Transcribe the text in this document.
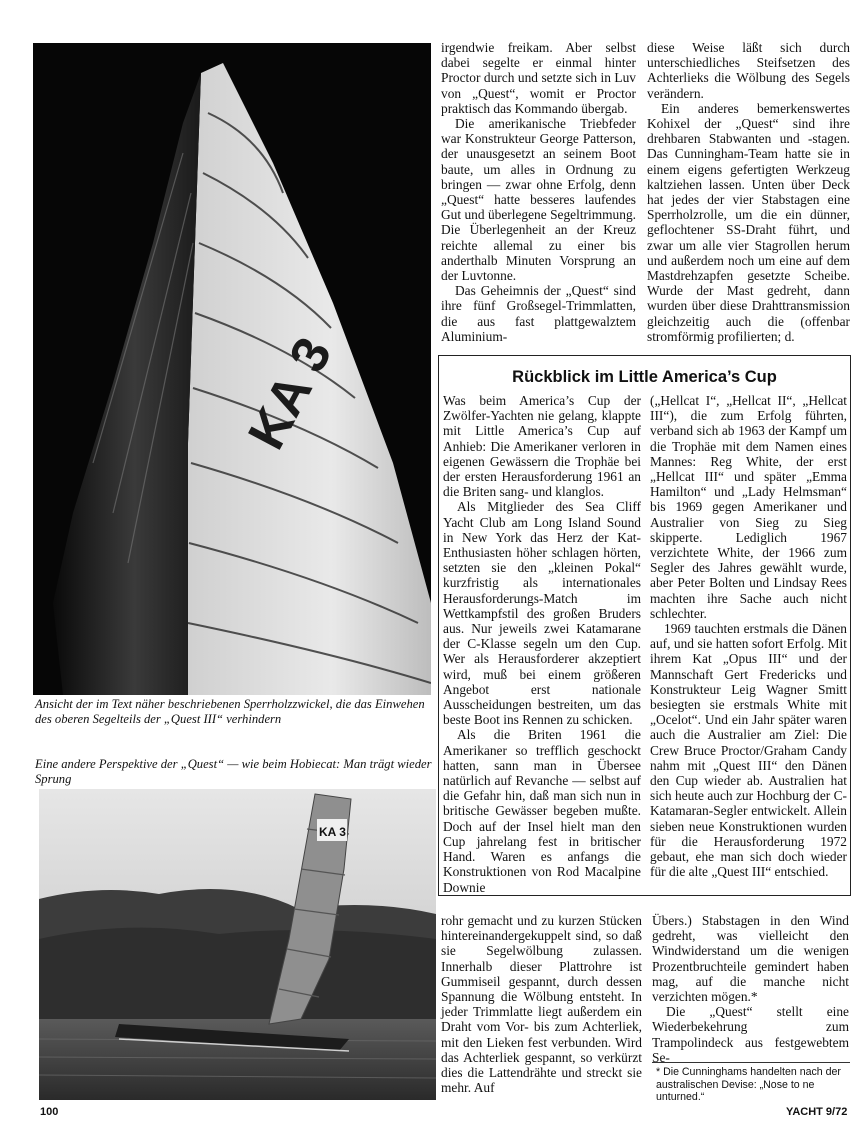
KA 3
Ansicht der im Text näher beschriebenen Sperrholzzwickel, die das Einwehen des oberen Segelteils der „Quest III“ verhindern
Eine andere Perspektive der „Quest“ — wie beim Hobiecat: Man trägt wieder Sprung
KA 3

irgendwie freikam. Aber selbst dabei segelte er einmal hinter Proctor durch und setzte sich in Luv von „Quest“, womit er Proctor praktisch das Kommando übergab.

Die amerikanische Triebfeder war Konstrukteur George Patterson, der unausgesetzt an seinem Boot baute, um alles in Ordnung zu bringen — zwar ohne Erfolg, denn „Quest“ hatte besseres laufendes Gut und überlegene Segeltrimmung. Die Überlegenheit an der Kreuz reichte allemal zu einer bis anderthalb Minuten Vorsprung an der Luvtonne.

Das Geheimnis der „Quest“ sind ihre fünf Großsegel-Trimmlatten, die aus fast plattgewalztem Aluminium-

diese Weise läßt sich durch unterschiedliches Steifsetzen des Achterlieks die Wölbung des Segels verändern.

Ein anderes bemerkenswertes Kohixel der „Quest“ sind ihre drehbaren Stabwanten und -stagen. Das Cunningham-Team hatte sie in einem eigens gefertigten Werkzeug kaltziehen lassen. Unten über Deck hat jedes der vier Stabstagen eine Sperrholzrolle, um die ein dünner, geflochtener SS-Draht führt, und zwar um alle vier Stagrollen herum und außerdem noch um eine auf dem Mastdrehzapfen gesetzte Scheibe. Wurde der Mast gedreht, dann wurden über diese Drahttransmission gleichzeitig auch die (offenbar stromförmig profilierten; d.

Rückblick im Little America’s Cup

Was beim America’s Cup der Zwölfer-Yachten nie gelang, klappte mit Little America’s Cup auf Anhieb: Die Amerikaner verloren in eigenen Gewässern die Trophäe bei der ersten Herausforderung 1961 an die Briten sang- und klanglos.

Als Mitglieder des Sea Cliff Yacht Club am Long Island Sound in New York das Herz der Kat-Enthusiasten höher schlagen hörten, setzten sie den „kleinen Pokal“ kurzfristig als internationales Herausforderungs-Match im Wettkampfstil des großen Bruders aus. Nur jeweils zwei Katamarane der C-Klasse segeln um den Cup. Wer als Herausforderer akzeptiert wird, muß bei einem größeren Angebot erst nationale Ausscheidungen bestreiten, um das beste Boot ins Rennen zu schicken.

Als die Briten 1961 die Amerikaner so trefflich geschockt hatten, sann man in Übersee natürlich auf Revanche — selbst auf die Gefahr hin, daß man sich nun in britische Gewässer begeben mußte. Doch auf der Insel hielt man den Cup jahrelang fest in britischer Hand. Waren es anfangs die Konstruktionen von Rod Macalpine Downie

(„Hellcat I“, „Hellcat II“, „Hellcat III“), die zum Erfolg führten, verband sich ab 1963 der Kampf um die Trophäe mit dem Namen eines Mannes: Reg White, der erst „Hellcat III“ und später „Emma Hamilton“ und „Lady Helmsman“ bis 1969 gegen Amerikaner und Australier von Sieg zu Sieg skipperte. Lediglich 1967 verzichtete White, der 1966 zum Segler des Jahres gewählt wurde, aber Peter Bolten und Lindsay Rees machten ihre Sache auch nicht schlechter.

1969 tauchten erstmals die Dänen auf, und sie hatten sofort Erfolg. Mit ihrem Kat „Opus III“ und der Mannschaft Gert Fredericks und Konstrukteur Leig Wagner Smitt besiegten sie erstmals White mit „Ocelot“. Und ein Jahr später waren auch die Australier am Ziel: Die Crew Bruce Proctor/Graham Candy nahm mit „Quest III“ den Dänen den Cup wieder ab. Australien hat sich heute auch zur Hochburg der C-Katamaran-Segler entwickelt. Allein sieben neue Konstruktionen wurden für die Herausforderung 1972 gebaut, ehe man sich doch wieder für die alte „Quest III“ entschied.

rohr gemacht und zu kurzen Stücken hintereinandergekuppelt sind, so daß sie Segelwölbung zulassen. Innerhalb dieser Plattrohre ist Gummiseil gespannt, durch dessen Spannung die Wölbung entsteht. In jeder Trimmlatte liegt außerdem ein Draht vom Vor- bis zum Achterliek, mit den Lieken fest verbunden. Wird das Achterliek gespannt, so verkürzt dies die Lattendrähte und streckt sie mehr. Auf

Übers.) Stabstagen in den Wind gedreht, was vielleicht den Windwiderstand um die wenigen Prozentbruchteile gemindert haben mag, auf die manche nicht verzichten mögen.*

Die „Quest“ stellt eine Wiederbekehrung zum Trampolindeck aus festgewebtem Se-

* Die Cunninghams handelten nach der australischen Devise: „Nose to ne unturned.“
100	YACHT 9/72
